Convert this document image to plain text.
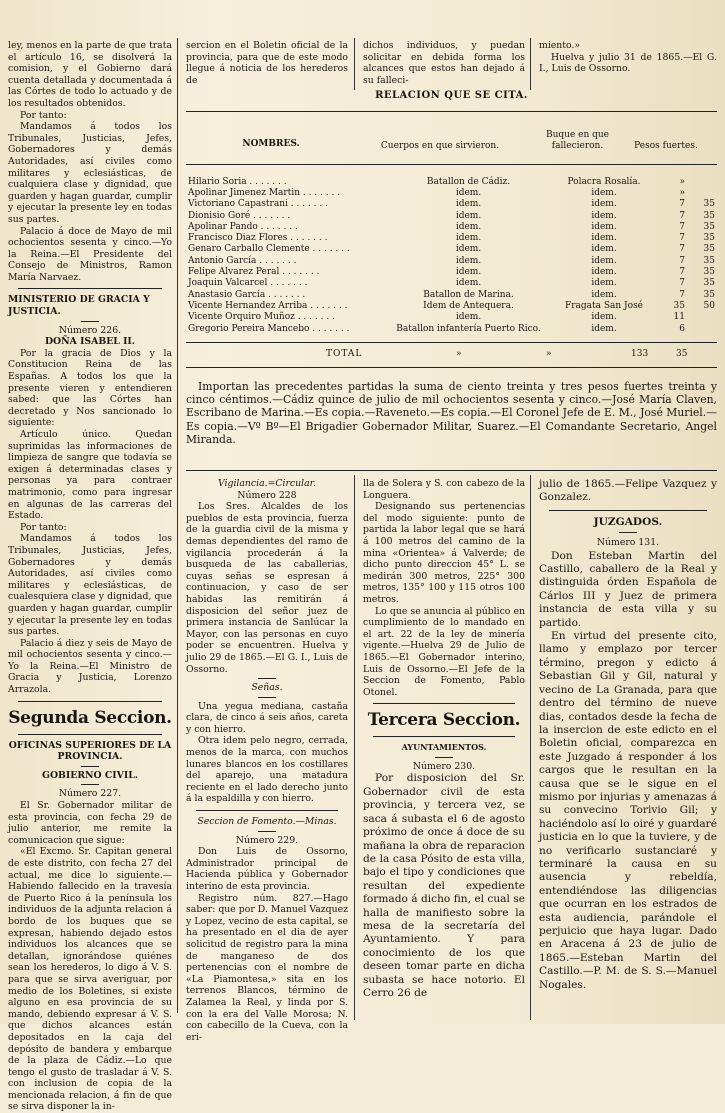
ley, menos en la parte de que trata el artículo 16, se disolverá la comision, y el Gobierno dará cuenta detallada y documentada á las Córtes de todo lo actuado y de los resultados obtenidos.

Por tanto:

Mandamos á todos los Tribunales, Justicias, Jefes, Gobernadores y demás Autoridades, así civiles como militares y eclesiásticas, de cualquiera clase y dignidad, que guarden y hagan guardar, cumplir y ejecutar la presente ley en todas sus partes.

Palacio á doce de Mayo de mil ochocientos sesenta y cinco.—Yo la Reina.—El Presidente del Consejo de Ministros, Ramon María Narvaez.

MINISTERIO DE GRACIA Y JUSTICIA.

Número 226.

DOÑA ISABEL II.

Por la gracia de Dios y la Constitucion Reina de las Españas. A todos los que la presente vieren y entendieren sabed: que las Córtes han decretado y Nos sancionado lo siguiente:

Artículo único. Quedan suprimidas las informaciones de limpieza de sangre que todavía se exigen á determinadas clases y personas ya para contraer matrimonio, como para ingresar en algunas de las carreras del Estado.

Por tanto:

Mandamos á todos los Tribunales, Justicias, Jefes, Gobernadores y demás Autoridades, así civiles como militares y eclesiásticas, de cualesquiera clase y dignidad, que guarden y hagan guardar, cumplir y ejecutar la presente ley en todas sus partes.

Palacio á diez y seis de Mayo de mil ochocientos sesenta y cinco.—Yo la Reina.—El Ministro de Gracia y Justicia, Lorenzo Arrazola.

Segunda Seccion.

OFICINAS SUPERIORES DE LA PROVINCIA.

GOBIERNO CIVIL.

Número 227.

El Sr. Gobernador militar de esta provincia, con fecha 29 de julio anterior, me remite la comunicacion que sigue:

«El Excmo. Sr. Capitan general de este distrito, con fecha 27 del actual, me dice lo siguiente.—Habiendo fallecido en la travesía de Puerto Rico á la península los individuos de la adjunta relacion á bordo de los buques que se expresan, habiendo dejado estos individuos los alcances que se detallan, ignorándose quiénes sean los herederos, lo digo á V. S. para que se sirva averiguar, por medio de los Boletines, si existe alguno en esa provincia de su mando, debiendo expresar á V. S. que dichos alcances están depositados en la caja del depósito de bandera y embarque de la plaza de Cádiz.—Lo que tengo el gusto de trasladar á V. S. con inclusion de copia de la mencionada relacion, á fin de que se sirva disponer la in-

sercion en el Boletin oficial de la provincia, para que de este modo llegue á noticia de los herederos de

dichos individuos, y puedan solicitar en debida forma los alcances que estos han dejado á su falleci-

miento.»

Huelva y julio 31 de 1865.—El G. I., Luis de Ossorno.

RELACION QUE SE CITA.
NOMBRES.	Cuerpos en que sirvieron.
Buque en que fallecieron.	Pesos fuertes.
Hilario Soria . . . . . . .	Batallon de Cádiz.	Polacra Rosalía.	»	
Apolinar Jimenez Martin . . . . . . .	idem.	idem.	»	
Victoriano Capastrani . . . . . . .	idem.	idem.	7	35
Dionisio Goré . . . . . . .	idem.	idem.	7	35
Apolinar Pando . . . . . . .	idem.	idem.	7	35
Francisco Diaz Flores . . . . . . .	idem.	idem.	7	35
Genaro Carballo Clemente . . . . . . .	idem.	idem.	7	35
Antonio García . . . . . . .	idem.	idem.	7	35
Felipe Alvarez Peral . . . . . . .	idem.	idem.	7	35
Joaquin Valcarcel . . . . . . .	idem.	idem.	7	35
Anastasio García . . . . . . .	Batallon de Marina.	idem.	7	35
Vicente Hernandez Arriba . . . . . . .	Idem de Antequera.	Fragata San José	35	50
Vicente Orquiro Muñoz . . . . . . .	idem.	idem.	11	
Gregorio Pereira Mancebo . . . . . . .	Batallon infantería Puerto Rico.	idem.	6	
TOTAL	»	»	133	35

Importan las precedentes partidas la suma de ciento treinta y tres pesos fuertes treinta y cinco céntimos.—Cádiz quince de julio de mil ochocientos sesenta y cinco.—José María Claven, Escribano de Marina.—Es copia.—Raveneto.—Es copia.—El Coronel Jefe de E. M., José Muriel.—Es copia.—Vº Bº—El Brigadier Gobernador Militar, Suarez.—El Comandante Secretario, Angel Miranda.

Vigilancia.=Circular.

Número 228

Los Sres. Alcaldes de los pueblos de esta provincia, fuerza de la guardia civil de la misma y demas dependientes del ramo de vigilancia procederán á la busqueda de las caballerias, cuyas señas se espresan á continuacion, y caso de ser habidas las remitirán á disposicion del señor juez de primera instancia de Sanlúcar la Mayor, con las personas en cuyo poder se encuentren. Huelva y julio 29 de 1865.—El G. I., Luis de Ossorno.

Señas.

Una yegua mediana, castaña clara, de cinco á seis años, careta y con hierro.

Otra idem pelo negro, cerrada, menos de la marca, con muchos lunares blancos en los costillares del aparejo, una matadura reciente en el lado derecho junto á la espaldilla y con hierro.

Seccion de Fomento.—Minas.

Número 229.

Don Luis de Ossorno, Administrador principal de Hacienda pública y Gobernador interino de esta provincia.

Registro núm. 827.—Hago saber: que por D. Manuel Vazquez y Lopez, vecino de esta capital, se ha presentado en el dia de ayer solicitud de registro para la mina de manganeso de dos pertenencias con el nombre de «La Piamontesa,» sita en los terrenos Blancos, término de Zalamea la Real, y linda por S. con la era del Valle Morosa; N. con cabecillo de la Cueva, con la eri-

lla de Solera y S. con cabezo de la Longuera.

Designando sus pertenencias del modo siguiente: punto de partida la labor legal que se hará á 100 metros del camino de la mina «Orientea» á Valverde; de dicho punto direccion 45° L. se medirán 300 metros, 225° 300 metros, 135° 100 y 115 otros 100 metros.

Lo que se anuncia al público en cumplimiento de lo mandado en el art. 22 de la ley de minería vigente.—Huelva 29 de Julio de 1865.—El Gobernador interino, Luis de Ossorno.—El Jefe de la Seccion de Fomento, Pablo Otonel.

Tercera Seccion.

AYUNTAMIENTOS.

Número 230.

Por disposicion del Sr. Gobernador civil de esta provincia, y tercera vez, se saca á subasta el 6 de agosto próximo de once á doce de su mañana la obra de reparacion de la casa Pósito de esta villa, bajo el tipo y condiciones que resultan del expediente formado á dicho fin, el cual se halla de manifiesto sobre la mesa de la secretaría del Ayuntamiento. Y para conocimiento de los que deseen tomar parte en dicha subasta se hace notorio. El Cerro 26 de

julio de 1865.—Felipe Vazquez y Gonzalez.

JUZGADOS.

Número 131.

Don Esteban Martin del Castillo, caballero de la Real y distinguida órden Española de Cárlos III y Juez de primera instancia de esta villa y su partido.

En virtud del presente cito, llamo y emplazo por tercer término, pregon y edicto á Sebastian Gil y Gil, natural y vecino de La Granada, para que dentro del término de nueve dias, contados desde la fecha de la insercion de este edicto en el Boletin oficial, comparezca en este Juzgado á responder á los cargos que le resultan en la causa que se le sigue en el mismo por injurias y amenazas á su convecino Torivio Gil; y haciéndolo así lo oiré y guardaré justicia en lo que la tuviere, y de no verificarlo sustanciaré y terminaré la causa en su ausencia y rebeldía, entendiéndose las diligencias que ocurran en los estrados de esta audiencia, parándole el perjuicio que haya lugar. Dado en Aracena á 23 de julio de 1865.—Esteban Martin del Castillo.—P. M. de S. S.—Manuel Nogales.
